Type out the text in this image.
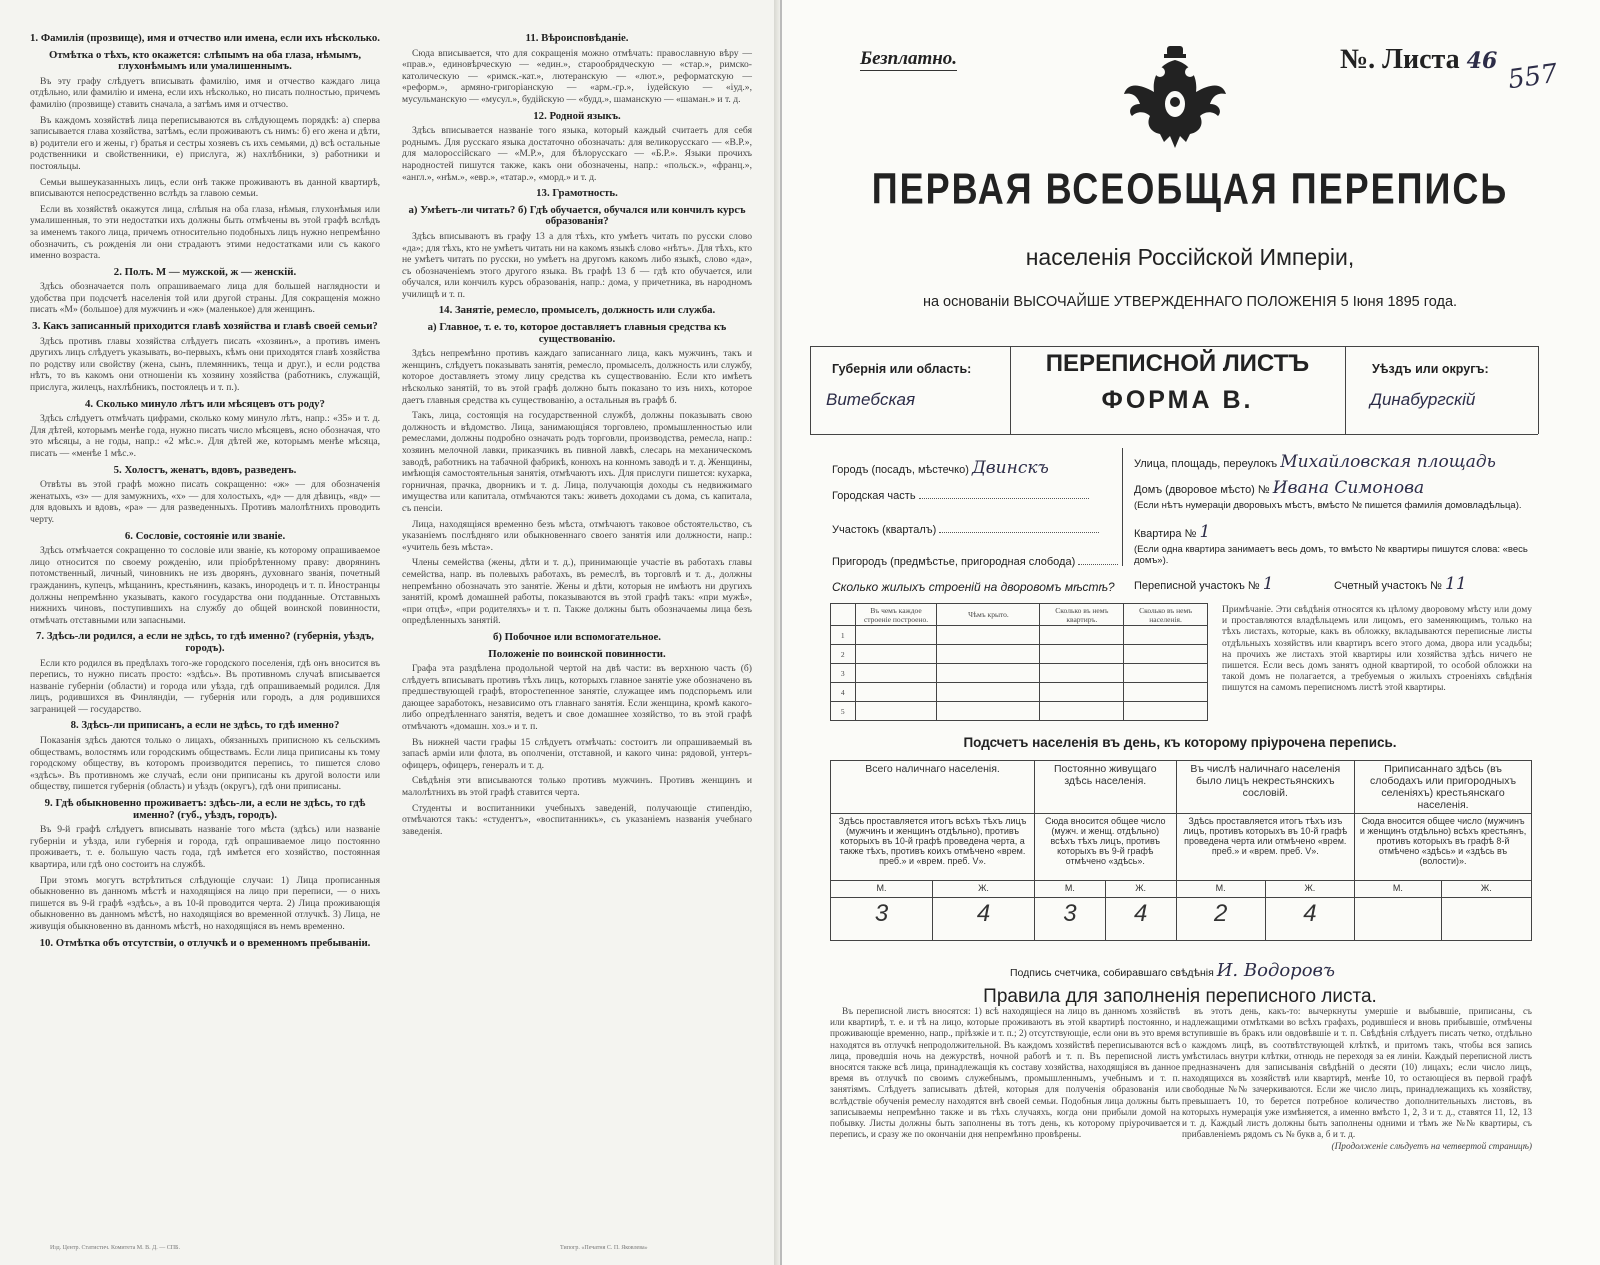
1. Фамилія (прозвище), имя и отчество или имена, если ихъ нѣсколько.
Отмѣтка о тѣхъ, кто окажется: слѣпымъ на оба глаза, нѣмымъ, глухонѣмымъ или умалишеннымъ.

Въ эту графу слѣдуетъ вписывать фамилію, имя и отчество каждаго лица отдѣльно, или фамилію и имена, если ихъ нѣсколько, но писать полностью, причемъ фамилію (прозвище) ставить сначала, а затѣмъ имя и отчество.

Въ каждомъ хозяйствѣ лица переписываются въ слѣдующемъ порядкѣ: а) сперва записывается глава хозяйства, затѣмъ, если проживаютъ съ нимъ: б) его жена и дѣти, в) родители его и жены, г) братья и сестры хозяевъ съ ихъ семьями, д) всѣ остальные родственники и свойственники, е) прислуга, ж) нахлѣбники, з) работники и постояльцы.

Семьи вышеуказанныхъ лицъ, если онѣ также проживаютъ въ данной квартирѣ, вписываются непосредственно вслѣдъ за главою семьи.

Если въ хозяйствѣ окажутся лица, слѣпыя на оба глаза, нѣмыя, глухонѣмыя или умалишенныя, то эти недостатки ихъ должны быть отмѣчены въ этой графѣ вслѣдъ за именемъ такого лица, причемъ относительно подобныхъ лицъ нужно непремѣнно обозначить, съ рожденія ли они страдаютъ этими недостатками или съ какого именно возраста.

2. Полъ. М — мужской, ж — женскій.

Здѣсь обозначается полъ опрашиваемаго лица для большей наглядности и удобства при подсчетѣ населенія той или другой страны. Для сокращенія можно писать «М» (большое) для мужчинъ и «ж» (маленькое) для женщинъ.

3. Какъ записанный приходится главѣ хозяйства и главѣ своей семьи?

Здѣсь противъ главы хозяйства слѣдуетъ писать «хозяинъ», а противъ именъ другихъ лицъ слѣдуетъ указывать, во-первыхъ, кѣмъ они приходятся главѣ хозяйства по родству или свойству (жена, сынъ, племянникъ, теща и друг.), и если родства нѣтъ, то въ какомъ они отношеніи къ хозяину хозяйства (работникъ, служащій, прислуга, жилецъ, нахлѣбникъ, постоялецъ и т. п.).

4. Сколько минуло лѣтъ или мѣсяцевъ отъ роду?

Здѣсь слѣдуетъ отмѣчать цифрами, сколько кому минуло лѣтъ, напр.: «35» и т. д. Для дѣтей, которымъ менѣе года, нужно писать число мѣсяцевъ, ясно обозначая, что это мѣсяцы, а не годы, напр.: «2 мѣс.». Для дѣтей же, которымъ менѣе мѣсяца, писать — «менѣе 1 мѣс.».

5. Холостъ, женатъ, вдовъ, разведенъ.

Отвѣты въ этой графѣ можно писать сокращенно: «ж» — для обозначенія женатыхъ, «з» — для замужнихъ, «х» — для холостыхъ, «д» — для дѣвицъ, «вд» — для вдовыхъ и вдовъ, «ра» — для разведенныхъ. Противъ малолѣтнихъ проводить черту.

6. Сословіе, состояніе или званіе.

Здѣсь отмѣчается сокращенно то сословіе или званіе, къ которому опрашиваемое лицо относится по своему рожденію, или пріобрѣтенному праву: дворянинъ потомственный, личный, чиновникъ не изъ дворянъ, духовнаго званія, почетный гражданинъ, купецъ, мѣщанинъ, крестьянинъ, казакъ, инородецъ и т. п. Иностранцы должны непремѣнно указывать, какого государства они подданные. Отставныхъ нижнихъ чиновъ, поступившихъ на службу до общей воинской повинности, отмѣчать отставными или запасными.

7. Здѣсь-ли родился, а если не здѣсь, то гдѣ именно? (губернія, уѣздъ, городъ).

Если кто родился въ предѣлахъ того-же городского поселенія, гдѣ онъ вносится въ перепись, то нужно писать просто: «здѣсь». Въ противномъ случаѣ вписывается названіе губерніи (области) и города или уѣзда, гдѣ опрашиваемый родился. Для лицъ, родившихся въ Финляндіи, — губернія или городъ, а для родившихся заграницей — государство.

8. Здѣсь-ли приписанъ, а если не здѣсь, то гдѣ именно?

Показанія здѣсь даются только о лицахъ, обязанныхъ приписною къ сельскимъ обществамъ, волостямъ или городскимъ обществамъ. Если лица приписаны къ тому городскому обществу, въ которомъ производится перепись, то пишется слово «здѣсь». Въ противномъ же случаѣ, если они приписаны къ другой волости или обществу, пишется губернія (область) и уѣздъ (округъ), гдѣ они приписаны.

9. Гдѣ обыкновенно проживаетъ: здѣсь-ли, а если не здѣсь, то гдѣ именно? (губ., уѣздъ, городъ).

Въ 9-й графѣ слѣдуетъ вписывать названіе того мѣста (здѣсь) или названіе губерніи и уѣзда, или губернія и города, гдѣ опрашиваемое лицо постоянно проживаетъ, т. е. большую часть года, гдѣ имѣется его хозяйство, постоянная квартира, или гдѣ оно состоитъ на службѣ.

При этомъ могутъ встрѣтиться слѣдующіе случаи: 1) Лица прописанныя обыкновенно въ данномъ мѣстѣ и находящіяся на лицо при переписи, — о нихъ пишется въ 9-й графѣ «здѣсь», а въ 10-й проводится черта. 2) Лица проживающія обыкновенно въ данномъ мѣстѣ, но находящіяся во временной отлучкѣ. 3) Лица, не живущія обыкновенно въ данномъ мѣстѣ, но находящіяся въ немъ временно.

10. Отмѣтка объ отсутствіи, о отлучкѣ и о временномъ пребываніи.
11. Вѣроисповѣданіе.

Сюда вписывается, что для сокращенія можно отмѣчать: православную вѣру — «прав.», единовѣрческую — «един.», старообрядческую — «стар.», римско-католическую — «римск.-кат.», лютеранскую — «лют.», реформатскую — «реформ.», армяно-григоріанскую — «арм.-гр.», іудейскую — «іуд.», мусульманскую — «мусул.», будійскую — «будд.», шаманскую — «шаман.» и т. д.

12. Родной языкъ.

Здѣсь вписывается названіе того языка, который каждый считаетъ для себя роднымъ. Для русскаго языка достаточно обозначать: для великорусскаго — «В.Р.», для малороссійскаго — «М.Р.», для бѣлорусскаго — «Б.Р.». Языки прочихъ народностей пишутся также, какъ они обозначены, напр.: «польск.», «франц.», «англ.», «нѣм.», «евр.», «татар.», «морд.» и т. д.

13. Грамотность.
а) Умѣетъ-ли читать? б) Гдѣ обучается, обучался или кончилъ курсъ образованія?

Здѣсь вписываютъ въ графу 13 а для тѣхъ, кто умѣетъ читать по русски слово «да»; для тѣхъ, кто не умѣетъ читать ни на какомъ языкѣ слово «нѣтъ». Для тѣхъ, кто не умѣетъ читать по русски, но умѣетъ на другомъ какомъ либо языкѣ, слово «да», съ обозначеніемъ этого другого языка. Въ графѣ 13 б — гдѣ кто обучается, или обучался, или кончилъ курсъ образованія, напр.: дома, у причетника, въ народномъ училищѣ и т. п.

14. Занятіе, ремесло, промыселъ, должность или служба.
а) Главное, т. е. то, которое доставляетъ главныя средства къ существованію.

Здѣсь непремѣнно противъ каждаго записаннаго лица, какъ мужчинъ, такъ и женщинъ, слѣдуетъ показывать занятія, ремесло, промыселъ, должность или службу, которое доставляетъ этому лицу средства къ существованію. Если кто имѣетъ нѣсколько занятій, то въ этой графѣ должно быть показано то изъ нихъ, которое даетъ главныя средства къ существованію, а остальныя въ графѣ б.

Такъ, лица, состоящія на государственной службѣ, должны показывать свою должность и вѣдомство. Лица, занимающіяся торговлею, промышленностью или ремеслами, должны подробно означать родъ торговли, производства, ремесла, напр.: хозяинъ мелочной лавки, приказчикъ въ пивной лавкѣ, слесарь на механическомъ заводѣ, работникъ на табачной фабрикѣ, конюхъ на конномъ заводѣ и т. д. Женщины, имѣющія самостоятельныя занятія, отмѣчаютъ ихъ. Для прислуги пишется: кухарка, горничная, прачка, дворникъ и т. д. Лица, получающія доходы съ недвижимаго имущества или капитала, отмѣчаются такъ: живетъ доходами съ дома, съ капитала, съ пенсіи.

Лица, находящіяся временно безъ мѣста, отмѣчаютъ таковое обстоятельство, съ указаніемъ послѣдняго или обыкновеннаго своего занятія или должности, напр.: «учитель безъ мѣста».

Члены семейства (жены, дѣти и т. д.), принимающіе участіе въ работахъ главы семейства, напр. въ полевыхъ работахъ, въ ремеслѣ, въ торговлѣ и т. д., должны непремѣнно обозначать это занятіе. Жены и дѣти, которыя не имѣютъ ни другихъ занятій, кромѣ домашней работы, показываются въ этой графѣ такъ: «при мужѣ», «при отцѣ», «при родителяхъ» и т. п. Также должны быть обозначаемы лица безъ опредѣленныхъ занятій.

б) Побочное или вспомогательное.
Положеніе по воинской повинности.

Графа эта раздѣлена продольной чертой на двѣ части: въ верхнюю часть (б) слѣдуетъ вписывать противъ тѣхъ лицъ, которыхъ главное занятіе уже обозначено въ предшествующей графѣ, второстепенное занятіе, служащее имъ подспорьемъ или дающее заработокъ, независимо отъ главнаго занятія. Если женщина, кромѣ какого-либо опредѣленнаго занятія, ведетъ и свое домашнее хозяйство, то въ этой графѣ отмѣчаютъ «домашн. хоз.» и т. п.

Въ нижней части графы 15 слѣдуетъ отмѣчать: состоитъ ли опрашиваемый въ запасѣ армiи или флота, въ ополченіи, отставной, и какого чина: рядовой, унтеръ-офицеръ, офицеръ, генералъ и т. д.

Свѣдѣнія эти вписываются только противъ мужчинъ. Противъ женщинъ и малолѣтнихъ въ этой графѣ ставится черта.

Студенты и воспитанники учебныхъ заведеній, получающіе стипендію, отмѣчаются такъ: «студентъ», «воспитанникъ», съ указаніемъ названія учебнаго заведенія.

Изд. Центр. Статистич. Комитета М. В. Д. — СПБ.	Типогр. «Печатня С. П. Яковлева»
Безплатно.	№. Листа 46 557
ПЕРВАЯ ВСЕОБЩАЯ ПЕРЕПИСЬ
населенія Россійской Имперіи,
на основаніи ВЫСОЧАЙШЕ УТВЕРЖДЕННАГО ПОЛОЖЕНІЯ 5 Іюня 1895 года.
Губернія или область:
Витебская
ПЕРЕПИСНОЙ ЛИСТЪ
ФОРМА В.
Уѣздъ или округъ:
Динабургскій
Городъ (посадъ, мѣстечко) Двинскъ
Городская часть
Участокъ (кварталъ)
Пригородъ (предмѣстье, пригородная слобода)
Улица, площадь, переулокъ Михайловская площадь
Домъ (дворовое мѣсто) № Ивана Симонова
(Если нѣтъ нумераціи дворовыхъ мѣстъ, вмѣсто № пишется фамилія домовладѣльца).
Квартира № 1
(Если одна квартира занимаетъ весь домъ, то вмѣсто № квартиры пишутся слова: «весь домъ»).
Переписной участокъ № 1	Счетный участокъ № 11
Сколько жилыхъ строеній на дворовомъ мѣстѣ?
	Въ чемъ каждое строеніе построено.	Чѣмъ крыто.	Сколько въ немъ квартиръ.	Сколько въ немъ населенія.
1				
2				
3				
4				
5				
Примѣчаніе. Эти свѣдѣнія относятся къ цѣлому дворовому мѣсту или дому и проставляются владѣльцемъ или лицомъ, его заменяющимъ, только на тѣхъ листахъ, которые, какъ въ обложку, вкладываются переписные листы отдѣльныхъ хозяйствъ или квартиръ всего этого дома, двора или усадьбы; на прочихъ же листахъ этой квартиры или хозяйства здѣсь ничего не пишется. Если весь домъ занятъ одной квартирой, то особой обложки на такой домъ не полагается, а требуемыя о жилыхъ строеніяхъ свѣдѣнія пишутся на самомъ переписномъ листѣ этой квартиры.
Подсчетъ населенія въ день, къ которому пріурочена перепись.
Всего наличнаго населенія.		Постоянно живущаго здѣсь населенія.		Въ числѣ наличнаго населенія было лицъ некрестьянскихъ сословій.		Приписаннаго здѣсь (въ слободахъ или пригородныхъ селеніяхъ) крестьянскаго населенія.	
Здѣсь проставляется итогъ всѣхъ тѣхъ лицъ (мужчинъ и женщинъ отдѣльно), противъ которыхъ въ 10-й графѣ проведена черта, а также тѣхъ, противъ коихъ отмѣчено «врем. преб.» и «врем. преб. V».		Сюда вносится общее число (мужч. и женщ. отдѣльно) всѣхъ тѣхъ лицъ, противъ которыхъ въ 9-й графѣ отмѣчено «здѣсь».		Здѣсь проставляется итогъ тѣхъ изъ лицъ, противъ которыхъ въ 10-й графѣ проведена черта или отмѣчено «врем. преб.» и «врем. преб. V».		Сюда вносится общее число (мужчинъ и женщинъ отдѣльно) всѣхъ крестьянъ, противъ которыхъ въ графѣ 8-й отмѣчено «здѣсь» и «здѣсь въ (волости)».	
М.	Ж.	М.	Ж.	М.	Ж.	М.	Ж.
3	4	3	4	2	4		
Подпись счетчика, собиравшаго свѣдѣнія И. Водоровъ
Правила для заполненія переписного листа.

Въ переписной листъ вносятся: 1) всѣ находящіеся на лицо въ данномъ хозяйствѣ или квартирѣ, т. е. и тѣ на лицо, которые проживаютъ въ этой квартирѣ постоянно, и проживающіе временно, напр., пріѣзжіе и т. п.; 2) отсутствующіе, если они въ это время находятся въ отлучкѣ непродолжительной. Въ каждомъ хозяйствѣ переписываются всѣ лица, проведшія ночь на дежурствѣ, ночной работѣ и т. п. Въ переписной листъ вносятся также всѣ лица, принадлежащія къ составу хозяйства, находящіяся въ данное время въ отлучкѣ по своимъ служебнымъ, промышленнымъ, учебнымъ и т. п. занятіямъ. Слѣдуетъ записывать дѣтей, которыя для полученія образованія или вслѣдствіе обученія ремеслу находятся внѣ своей семьи. Подобныя лица должны быть записываемы непремѣнно также и въ тѣхъ случаяхъ, когда они прибыли домой на побывку. Листы должны быть заполнены въ тотъ день, къ которому пріурочивается перепись, и сразу же по окончаніи дня непремѣнно провѣрены.

въ этотъ день, какъ-то: вычеркнуты умершіе и выбывшіе, приписаны, съ надлежащими отмѣтками во всѣхъ графахъ, родившіеся и вновь прибывшіе, отмѣчены вступившіе въ бракъ или овдовѣвшіе и т. п. Свѣдѣнія слѣдуетъ писать четко, отдѣльно о каждомъ лицѣ, въ соотвѣтствующей клѣткѣ, и притомъ такъ, чтобы вся запись умѣстилась внутри клѣтки, отнюдь не переходя за ея линіи. Каждый переписной листъ предназначенъ для записыванія свѣдѣній о десяти (10) лицахъ; если число лицъ, находящихся въ хозяйствѣ или квартирѣ, менѣе 10, то остающіеся въ первой графѣ свободные №№ зачеркиваются. Если же число лицъ, принадлежащихъ къ хозяйству, превышаетъ 10, то берется потребное количество дополнительныхъ листовъ, въ которыхъ нумерація уже измѣняется, а именно вмѣсто 1, 2, 3 и т. д., ставятся 11, 12, 13 и т. д. Каждый листъ должны быть заполнены одними и тѣмъ же №№ квартиры, съ прибавленіемъ рядомъ съ № букв а, б и т. д.

(Продолженіе слѣдуетъ на четвертой страницѣ)
